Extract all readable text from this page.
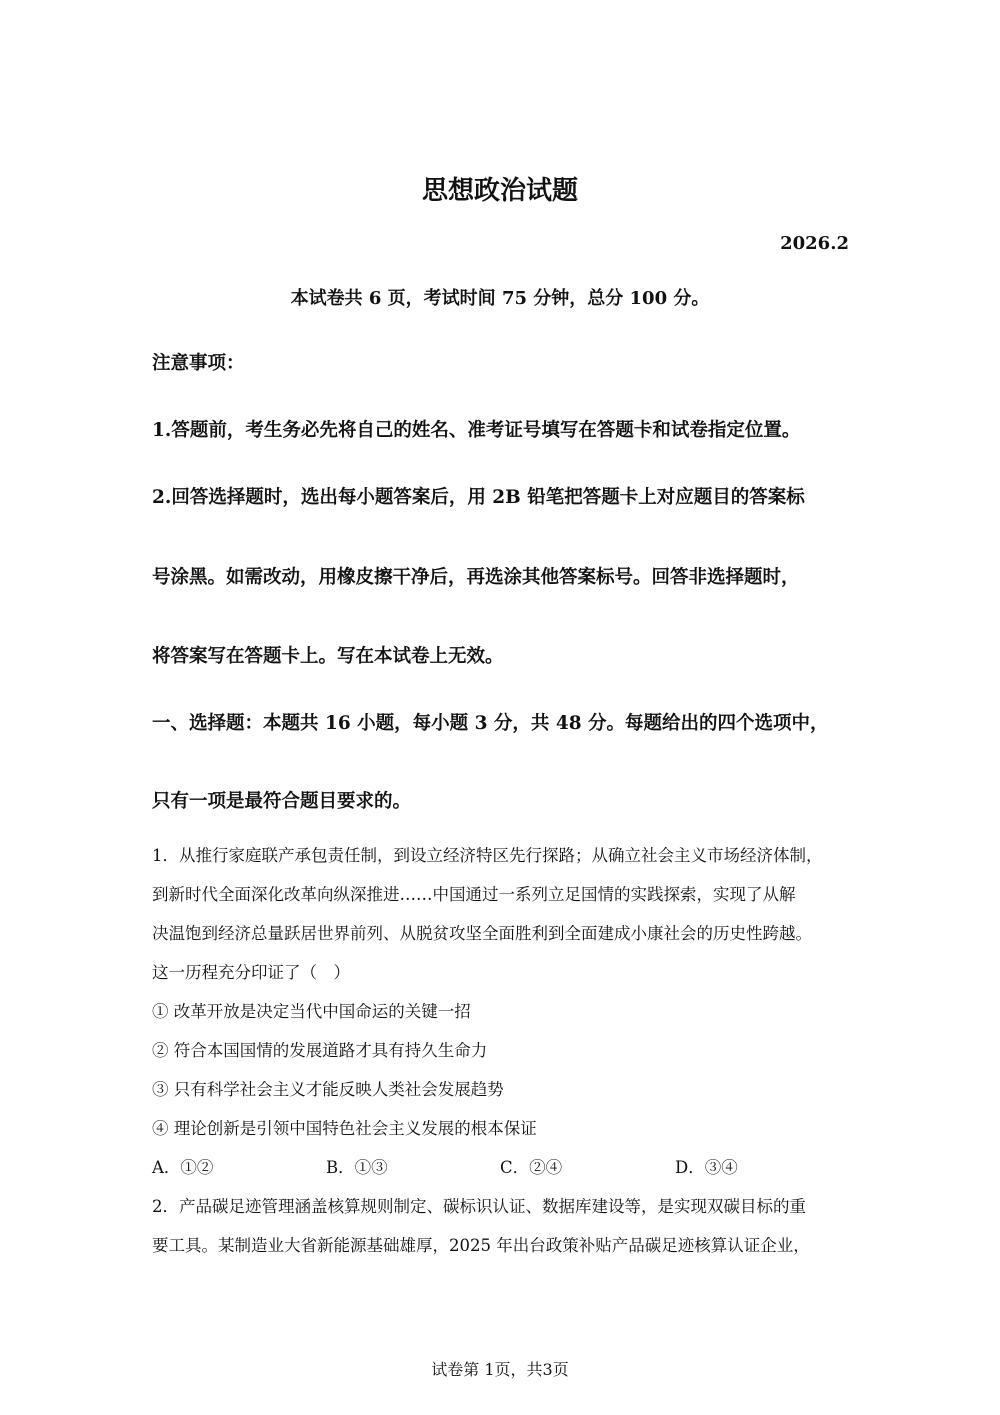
思想政治试题
2026.2
本试卷共 6 页，考试时间 75 分钟，总分 100 分。
注意事项：
1.答题前，考生务必先将自己的姓名、准考证号填写在答题卡和试卷指定位置。
2.回答选择题时，选出每小题答案后，用 2B 铅笔把答题卡上对应题目的答案标
号涂黑。如需改动，用橡皮擦干净后，再选涂其他答案标号。回答非选择题时，
将答案写在答题卡上。写在本试卷上无效。
一、选择题：本题共 16 小题，每小题 3 分，共 48 分。每题给出的四个选项中，
只有一项是最符合题目要求的。
1．从推行家庭联产承包责任制，到设立经济特区先行探路；从确立社会主义市场经济体制，
到新时代全面深化改革向纵深推进……中国通过一系列立足国情的实践探索，实现了从解
决温饱到经济总量跃居世界前列、从脱贫攻坚全面胜利到全面建成小康社会的历史性跨越。
这一历程充分印证了（　）
① 改革开放是决定当代中国命运的关键一招
② 符合本国国情的发展道路才具有持久生命力
③ 只有科学社会主义才能反映人类社会发展趋势
④ 理论创新是引领中国特色社会主义发展的根本保证
A．①②	B．①③	C．②④	D．③④
2．产品碳足迹管理涵盖核算规则制定、碳标识认证、数据库建设等，是实现双碳目标的重
要工具。某制造业大省新能源基础雄厚，2025 年出台政策补贴产品碳足迹核算认证企业，
试卷第 1页，共3页
